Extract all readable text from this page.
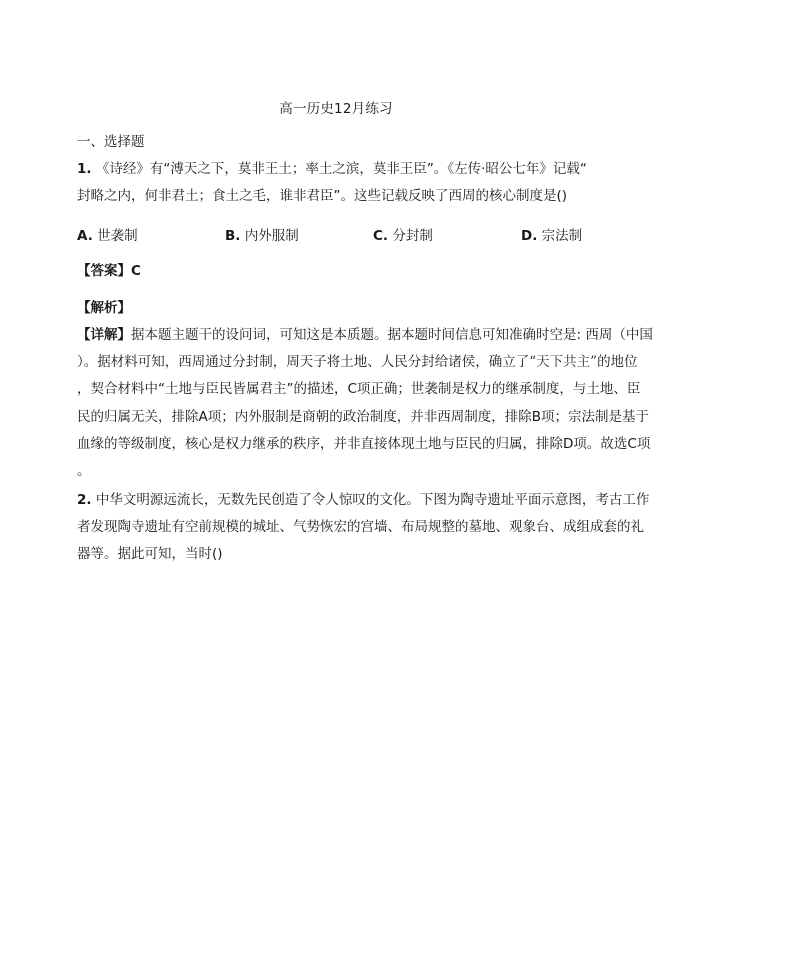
高一历史12月练习
一、选择题
1. 《诗经》有“溥天之下，莫非王土；率土之滨，莫非王臣”。《左传·昭公七年》记载“
封略之内，何非君土；食土之毛，谁非君臣”。这些记载反映了西周的核心制度是()
A. 世袭制	B. 内外服制	C. 分封制	D. 宗法制
【答案】C
【解析】
【详解】据本题主题干的设问词，可知这是本质题。据本题时间信息可知准确时空是: 西周（中国
）。据材料可知，西周通过分封制，周天子将土地、人民分封给诸侯，确立了“天下共主”的地位
，契合材料中“土地与臣民皆属君主”的描述，C项正确；世袭制是权力的继承制度，与土地、臣
民的归属无关，排除A项；内外服制是商朝的政治制度，并非西周制度，排除B项；宗法制是基于
血缘的等级制度，核心是权力继承的秩序，并非直接体现土地与臣民的归属，排除D项。故选C项
。
2. 中华文明源远流长，无数先民创造了令人惊叹的文化。下图为陶寺遗址平面示意图，考古工作
者发现陶寺遗址有空前规模的城址、气势恢宏的宫墙、布局规整的墓地、观象台、成组成套的礼
器等。据此可知，当时()
